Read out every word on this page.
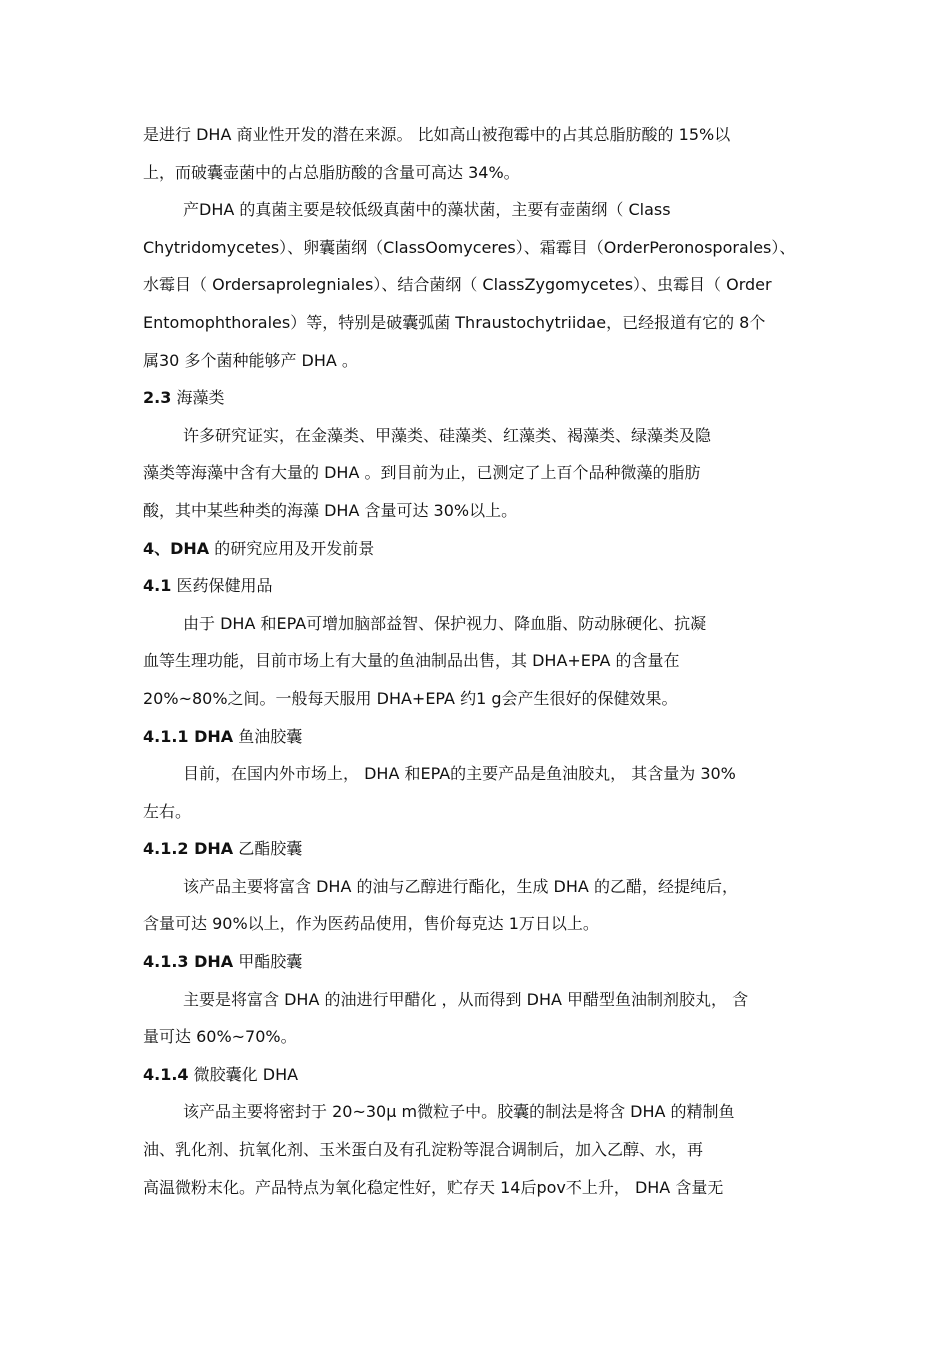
是进行 DHA 商业性开发的潜在来源。 比如高山被孢霉中的占其总脂肪酸的 15%以
上，而破囊壶菌中的占总脂肪酸的含量可高达 34%。
产DHA 的真菌主要是较低级真菌中的藻状菌，主要有壶菌纲（ Class
Chytridomycetes）、卵囊菌纲（ClassOomyceres）、霜霉目（OrderPeronosporales）、
水霉目（ Ordersaprolegniales）、结合菌纲（ ClassZygomycetes）、虫霉目（ Order
Entomophthorales）等，特别是破囊弧菌 Thraustochytriidae，已经报道有它的 8个
属30 多个菌种能够产 DHA 。
2.3 海藻类
许多研究证实，在金藻类、甲藻类、硅藻类、红藻类、褐藻类、绿藻类及隐
藻类等海藻中含有大量的 DHA 。到目前为止，已测定了上百个品种微藻的脂肪
酸，其中某些种类的海藻 DHA 含量可达 30%以上。
4、DHA 的研究应用及开发前景
4.1 医药保健用品
由于 DHA 和EPA可增加脑部益智、保护视力、降血脂、防动脉硬化、抗凝
血等生理功能，目前市场上有大量的鱼油制品出售，其 DHA+EPA 的含量在
20%~80%之间。一般每天服用 DHA+EPA 约1 g会产生很好的保健效果。
4.1.1 DHA 鱼油胶囊
目前，在国内外市场上， DHA 和EPA的主要产品是鱼油胶丸， 其含量为 30%
左右。
4.1.2 DHA 乙酯胶囊
该产品主要将富含 DHA 的油与乙醇进行酯化，生成 DHA 的乙醋，经提纯后，
含量可达 90%以上，作为医药品使用，售价每克达 1万日以上。
4.1.3 DHA 甲酯胶囊
主要是将富含 DHA 的油进行甲醋化 ，从而得到 DHA 甲醋型鱼油制剂胶丸， 含
量可达 60%~70%。
4.1.4 微胶囊化 DHA
该产品主要将密封于 20~30μ m微粒子中。胶囊的制法是将含 DHA 的精制鱼
油、乳化剂、抗氧化剂、玉米蛋白及有孔淀粉等混合调制后，加入乙醇、水，再
高温微粉末化。产品特点为氧化稳定性好，贮存天 14后pov不上升， DHA 含量无
